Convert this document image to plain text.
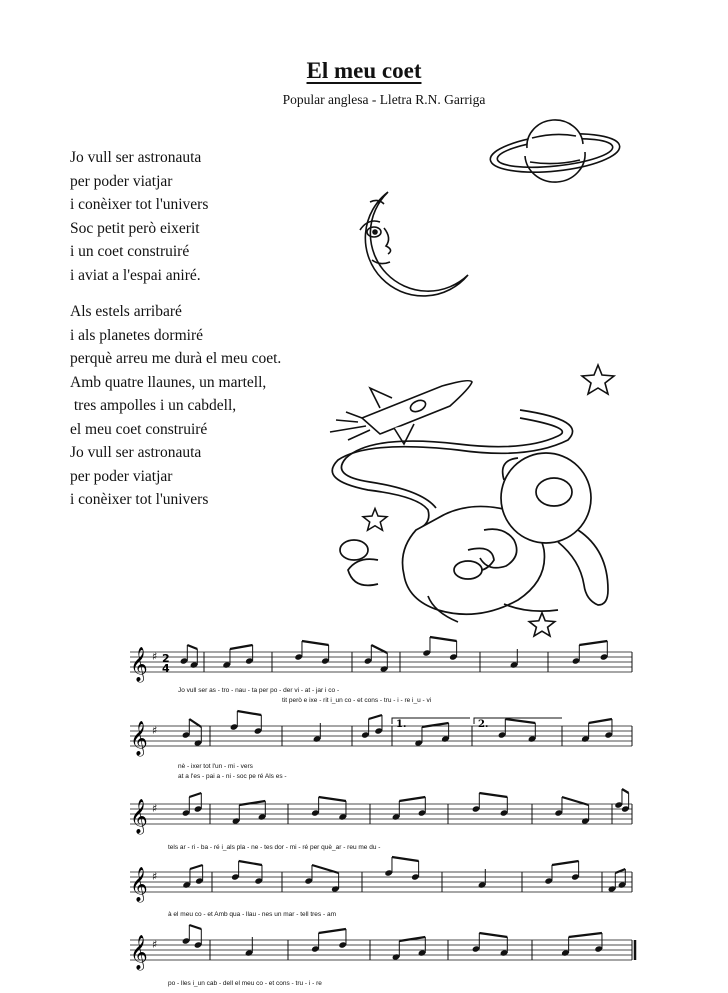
El meu coet
Popular anglesa - Lletra R.N. Garriga
Jo vull ser astronauta
per poder viatjar
i conèixer tot l'univers
Soc petit però eixerit
i un coet construiré
i aviat a l'espai aniré.
Als estels arribaré
i als planetes dormiré
perquè arreu me durà el meu coet.
Amb quatre llaunes, un martell,
tres ampolles i un cabdell,
el meu coet construiré
Jo vull ser astronauta
per poder viatjar
i conèixer tot l'univers
𝄞 ♯ 2
4
𝄞 ♯
𝄞 ♯
𝄞 ♯
𝄞 ♯
1.	2.
Jo vull ser as - tro - nau - ta per po - der vi - at - jar i co -
tit però e ixe - rit i_un co - et cons - tru - i - re i_u - vi
nè - ixer tot l'un - mi - vers
at a l'es - pai a - ni - soc pe ré Als es -
tels ar - ri - ba - ré i_als pla - ne - tes dor - mi - ré per què_ar - reu me du -
à el meu co - et Amb qua - llau - nes un mar - tell tres - am
po - lles i_un cab - dell el meu co - et cons - tru - i - re
